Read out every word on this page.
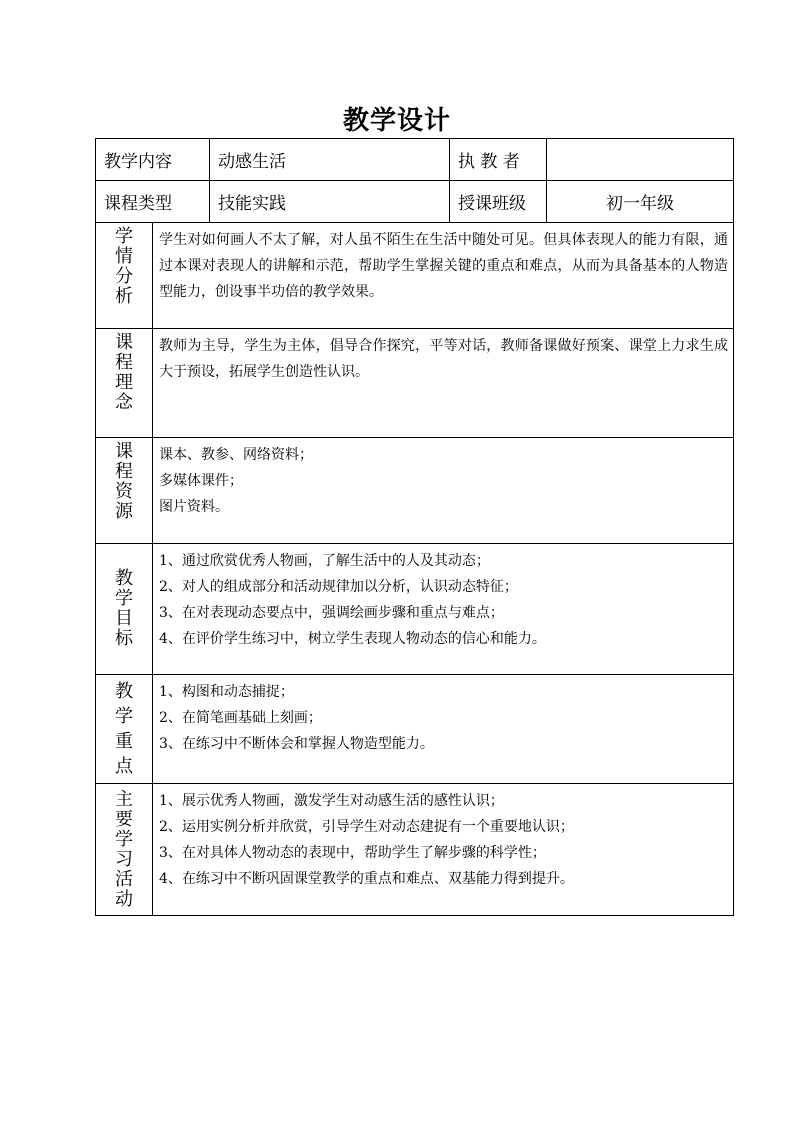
教学设计
教学内容		动感生活	执 教 者	
课程类型		技能实践	授课班级	初一年级
学情分析	学生对如何画人不太了解，对人虽不陌生在生活中随处可见。但具体表现人的能力有限，通过本课对表现人的讲解和示范，帮助学生掌握关键的重点和难点，从而为具备基本的人物造型能力，创设事半功倍的教学效果。			

课程理念	教师为主导，学生为主体，倡导合作探究，平等对话，教师备课做好预案、课堂上力求生成大于预设，拓展学生创造性认识。			

课程资源	课本、教参、网络资料；
多媒体课件；
图片资料。			

教学目标	1、通过欣赏优秀人物画，了解生活中的人及其动态；
2、对人的组成部分和活动规律加以分析，认识动态特征；
3、在对表现动态要点中，强调绘画步骤和重点与难点；
4、在评价学生练习中，树立学生表现人物动态的信心和能力。			

教学重点	1、构图和动态捕捉；
2、在简笔画基础上刻画；
3、在练习中不断体会和掌握人物造型能力。			

主要学习活动	1、展示优秀人物画，激发学生对动感生活的感性认识；
2、运用实例分析并欣赏，引导学生对动态建捉有一个重要地认识；
3、在对具体人物动态的表现中，帮助学生了解步骤的科学性；
4、在练习中不断巩固课堂教学的重点和难点、双基能力得到提升。			
